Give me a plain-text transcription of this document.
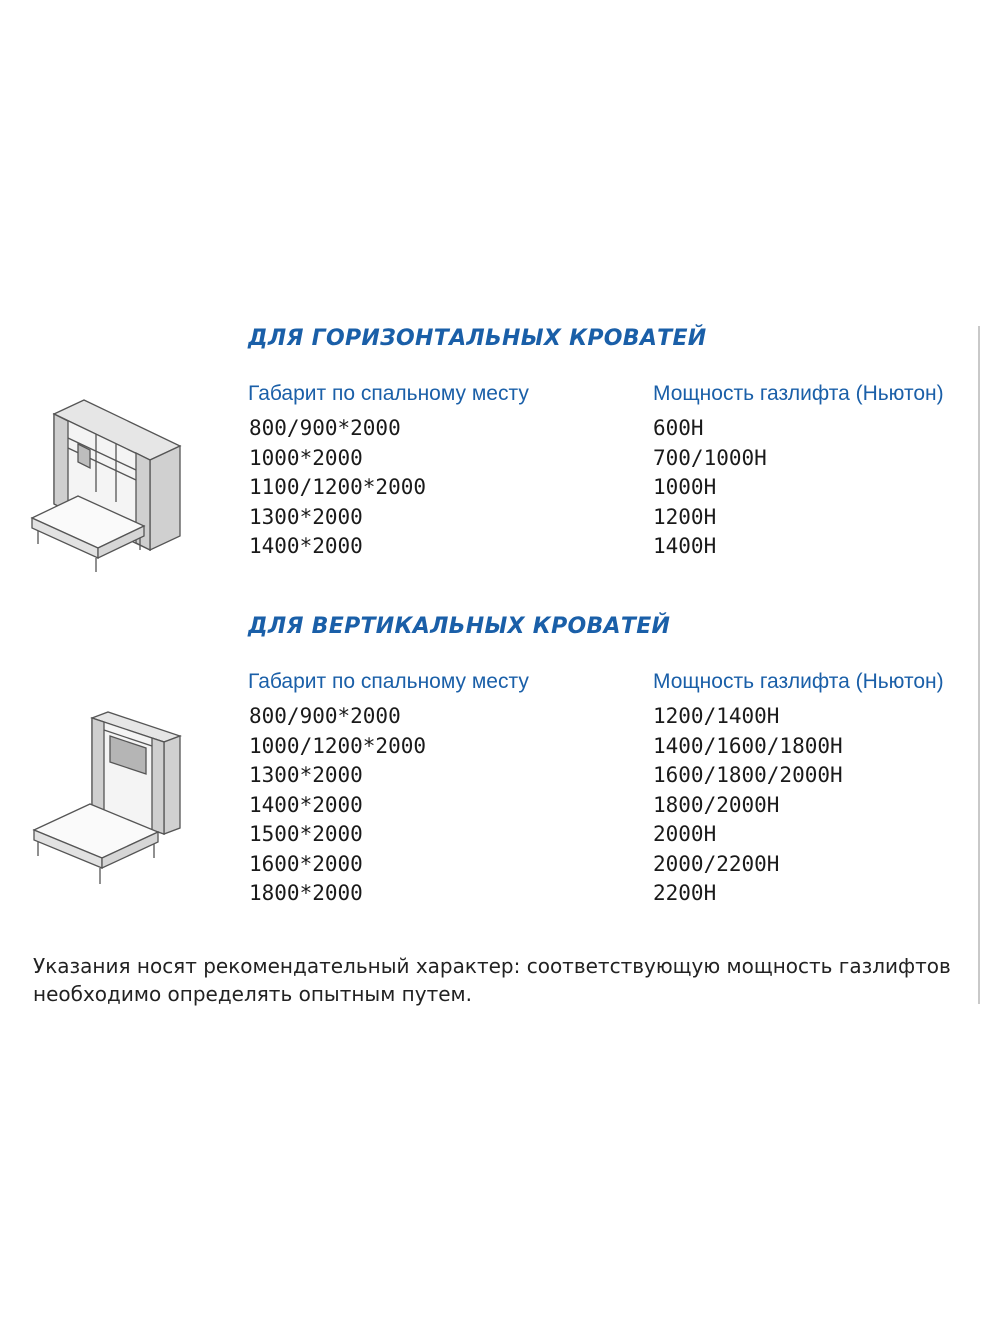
ДЛЯ ГОРИЗОНТАЛЬНЫХ КРОВАТЕЙ
Габарит по спальному месту	Мощность газлифта (Ньютон)
800/900*2000	600Н
1000*2000	700/1000Н
1100/1200*2000	1000Н
1300*2000	1200Н
1400*2000	1400Н
ДЛЯ ВЕРТИКАЛЬНЫХ КРОВАТЕЙ
Габарит по спальному месту	Мощность газлифта (Ньютон)
800/900*2000	1200/1400Н
1000/1200*2000	1400/1600/1800Н
1300*2000	1600/1800/2000Н
1400*2000	1800/2000Н
1500*2000	2000Н
1600*2000	2000/2200Н
1800*2000	2200Н
Указания носят рекомендательный характер: соответствующую мощность газлифтов необходимо определять опытным путем.
